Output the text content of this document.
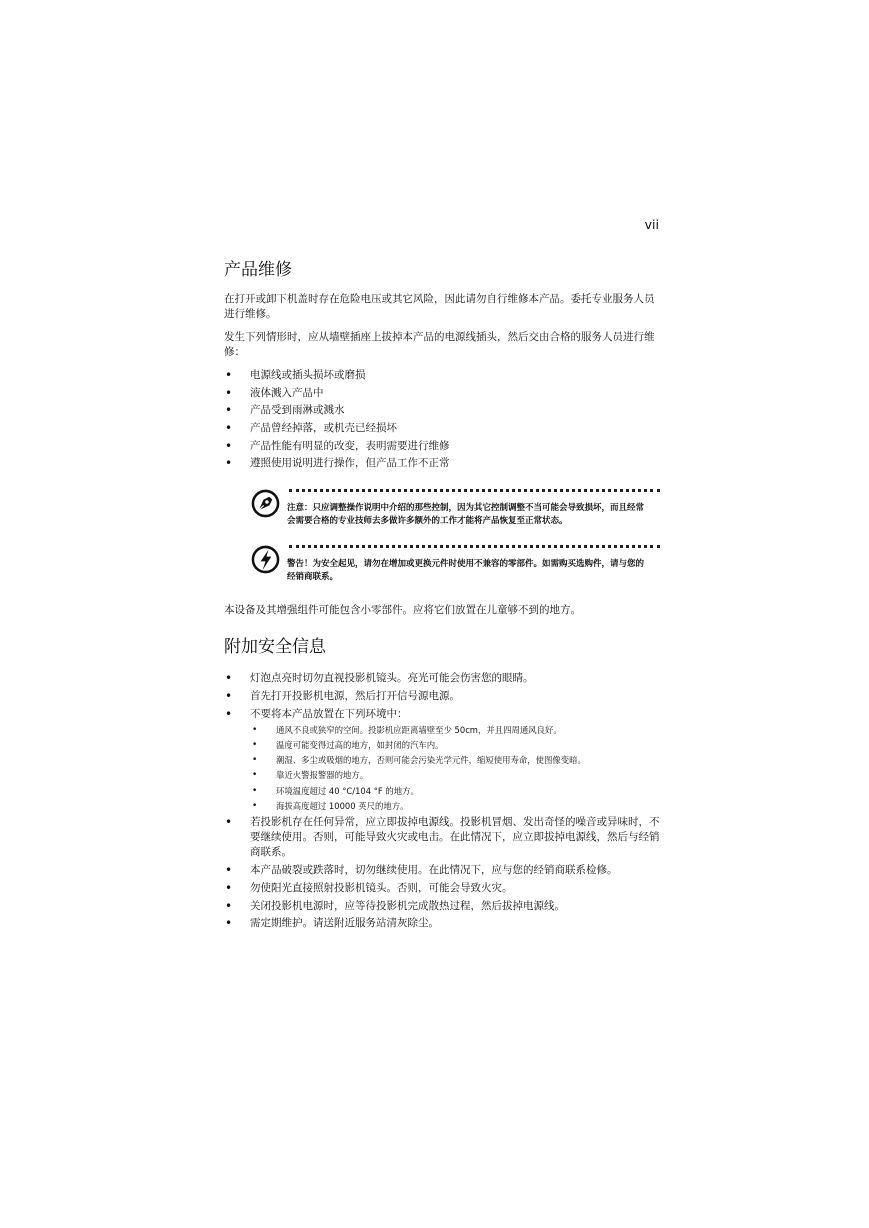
vii
产品维修

在打开或卸下机盖时存在危险电压或其它风险，因此请勿自行维修本产品。委托专业服务人员进行维修。

发生下列情形时，应从墙壁插座上拔掉本产品的电源线插头，然后交由合格的服务人员进行维修：

• 电源线或插头损坏或磨损
• 液体溅入产品中
• 产品受到雨淋或溅水
• 产品曾经掉落，或机壳已经损坏
• 产品性能有明显的改变，表明需要进行维修
• 遵照使用说明进行操作，但产品工作不正常
注意：只应调整操作说明中介绍的那些控制，因为其它控制调整不当可能会导致损坏，而且经常会需要合格的专业技师去多做许多额外的工作才能将产品恢复至正常状态。
警告！为安全起见，请勿在增加或更换元件时使用不兼容的零部件。如需购买选购件，请与您的经销商联系。

本设备及其增强组件可能包含小零部件。应将它们放置在儿童够不到的地方。

附加安全信息
• 灯泡点亮时切勿直视投影机镜头。亮光可能会伤害您的眼睛。
• 首先打开投影机电源，然后打开信号源电源。
• 不要将本产品放置在下列环境中：
• 通风不良或狭窄的空间。投影机应距离墙壁至少 50cm，并且四周通风良好。
• 温度可能变得过高的地方，如封闭的汽车内。
• 潮湿、多尘或吸烟的地方，否则可能会污染光学元件，缩短使用寿命，使图像变暗。
• 靠近火警报警器的地方。
• 环境温度超过 40 °C/104 °F 的地方。
• 海拔高度超过 10000 英尺的地方。
• 若投影机存在任何异常，应立即拔掉电源线。投影机冒烟、发出奇怪的噪音或异味时，不要继续使用。否则，可能导致火灾或电击。在此情况下，应立即拔掉电源线，然后与经销商联系。
• 本产品破裂或跌落时，切勿继续使用。在此情况下，应与您的经销商联系检修。
• 勿使阳光直接照射投影机镜头。否则，可能会导致火灾。
• 关闭投影机电源时，应等待投影机完成散热过程，然后拔掉电源线。
• 需定期维护。请送附近服务站清灰除尘。
